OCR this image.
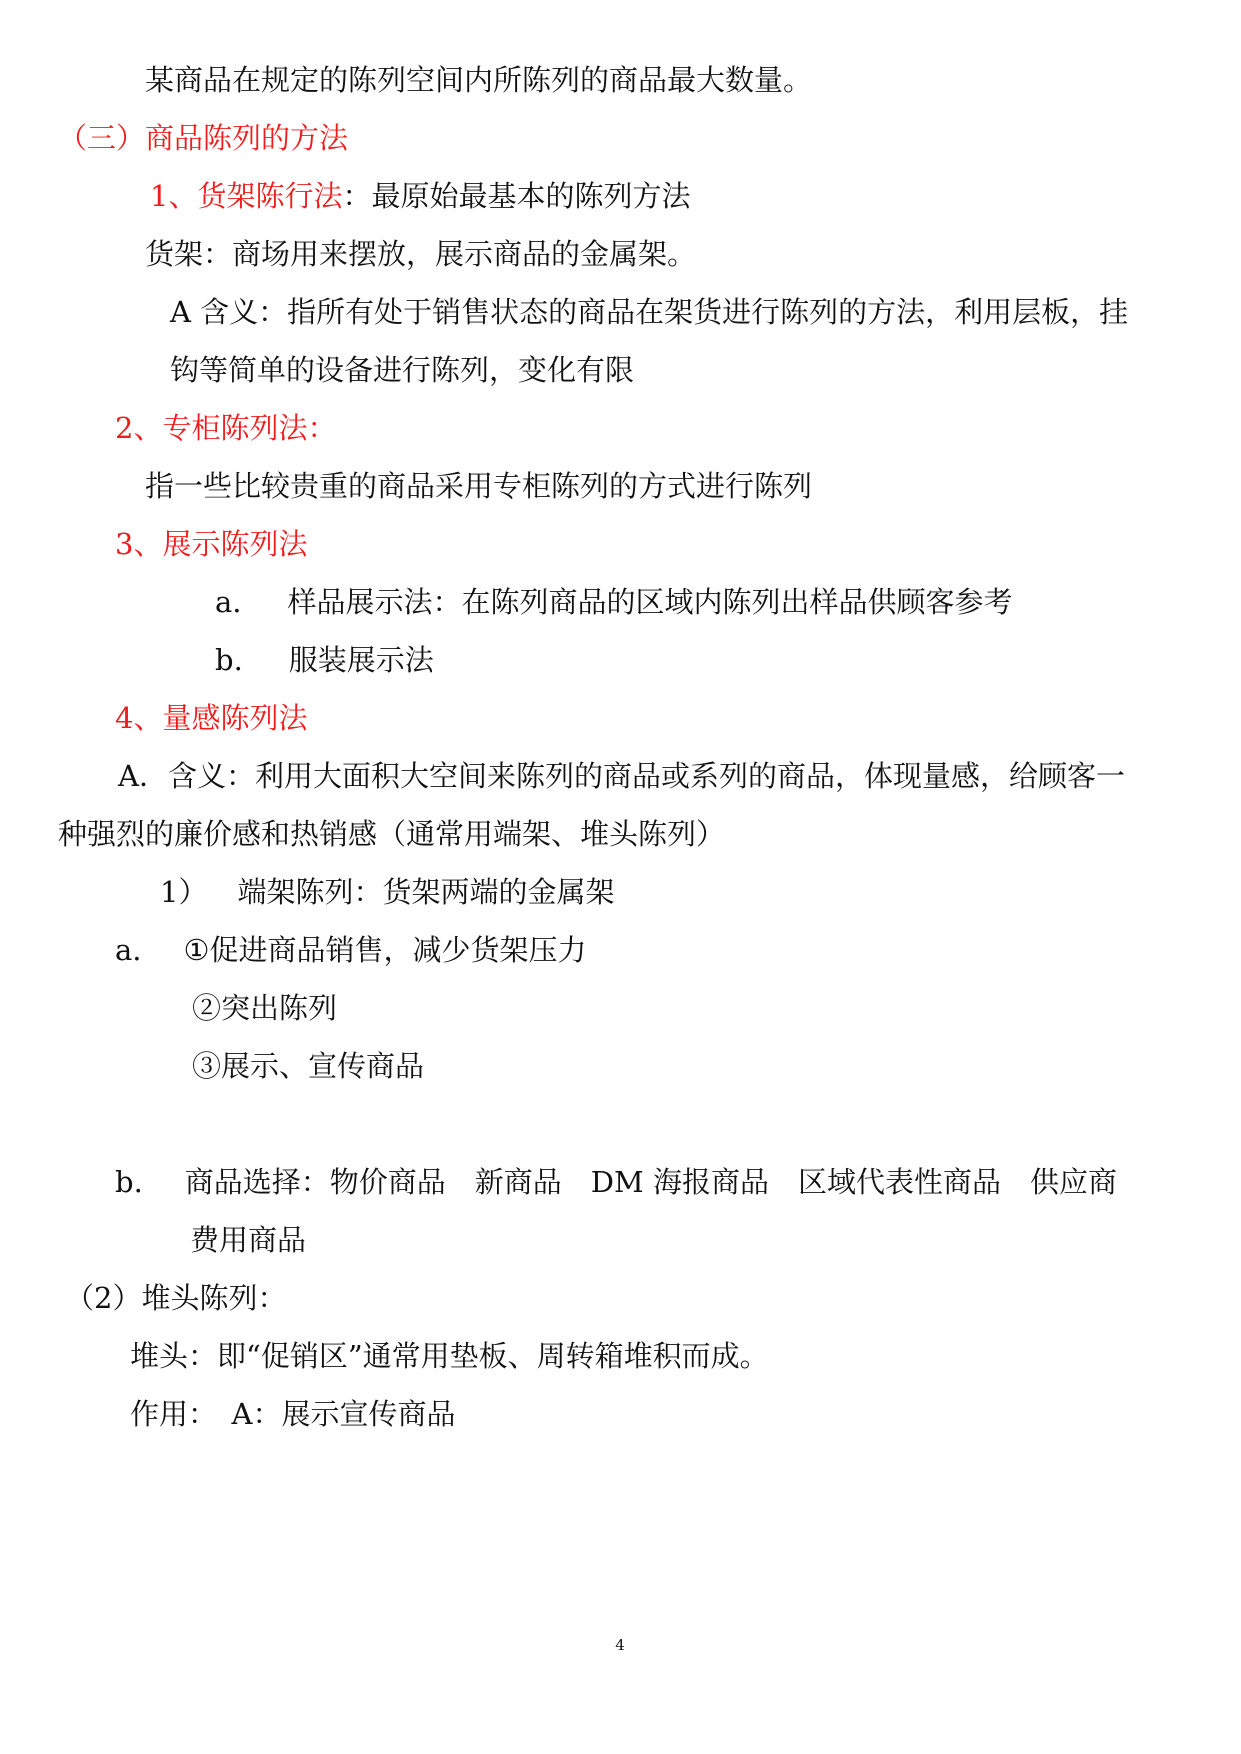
某商品在规定的陈列空间内所陈列的商品最大数量。
（三）商品陈列的方法
1、货架陈行法：最原始最基本的陈列方法
货架：商场用来摆放，展示商品的金属架。
A 含义：指所有处于销售状态的商品在架货进行陈列的方法，利用层板，挂
钩等简单的设备进行陈列，变化有限
2、专柜陈列法：
指一些比较贵重的商品采用专柜陈列的方式进行陈列
3、展示陈列法
a. 样品展示法：在陈列商品的区域内陈列出样品供顾客参考
b. 服装展示法
4、量感陈列法
A．含义：利用大面积大空间来陈列的商品或系列的商品，体现量感，给顾客一
种强烈的廉价感和热销感（通常用端架、堆头陈列）
1） 端架陈列：货架两端的金属架
a. ①促进商品销售，减少货架压力
②突出陈列
③展示、宣传商品
b. 商品选择：物价商品　新商品　DM 海报商品　区域代表性商品　供应商
费用商品
（2）堆头陈列：
堆头：即“促销区”通常用垫板、周转箱堆积而成。
作用：　A：展示宣传商品
4
